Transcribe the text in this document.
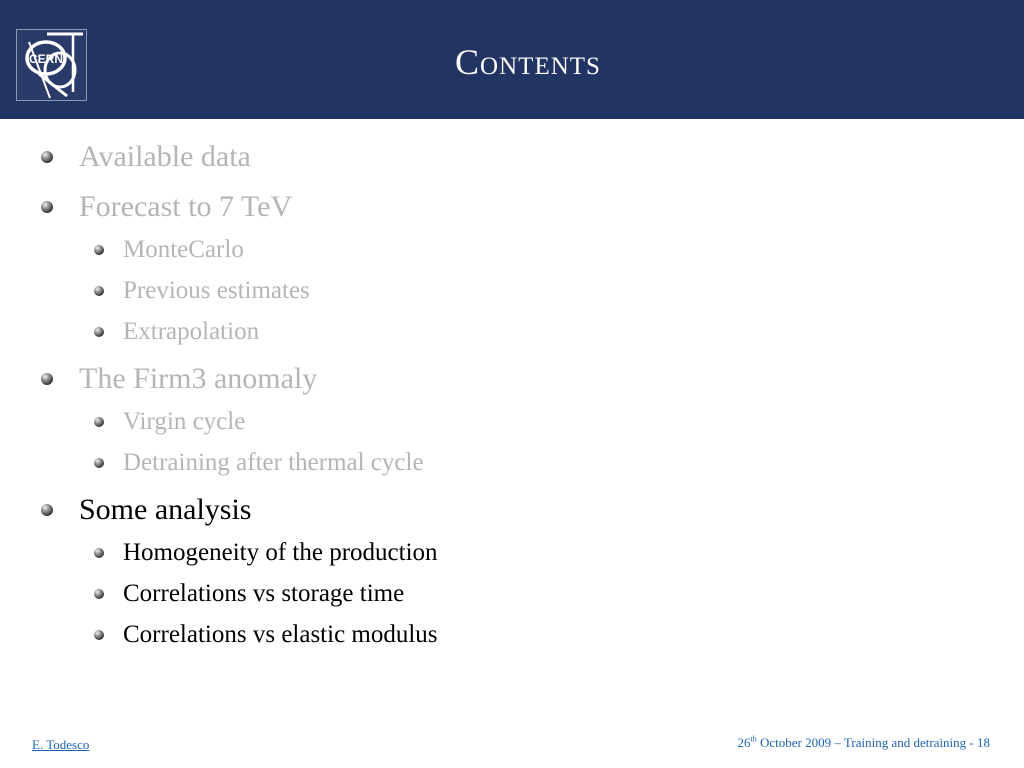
CERN	Contents
Available data
Forecast to 7 TeV
MonteCarlo
Previous estimates
Extrapolation
The Firm3 anomaly
Virgin cycle
Detraining after thermal cycle
Some analysis
Homogeneity of the production
Correlations vs storage time
Correlations vs elastic modulus
E. Todesco	26th October 2009 – Training and detraining - 18
